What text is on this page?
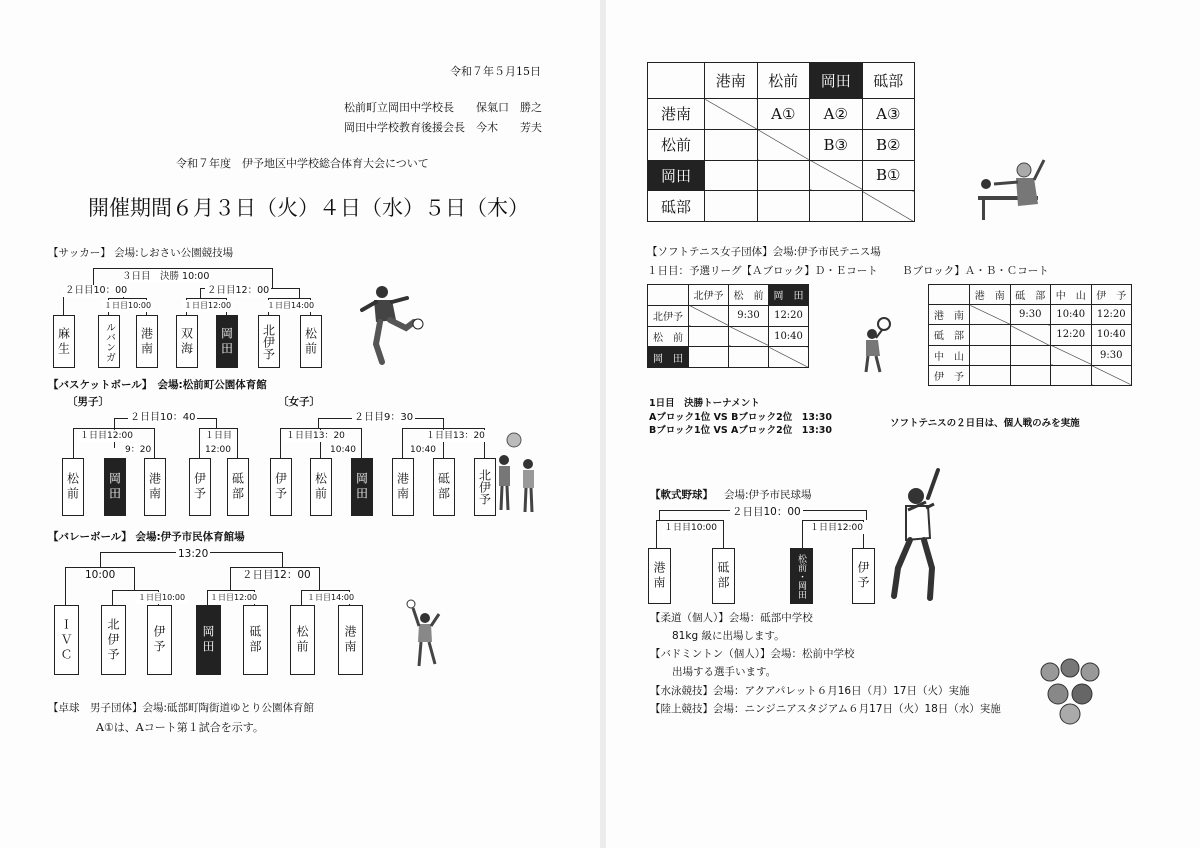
令和７年５月15日
松前町立岡田中学校長　　保氣口　勝之
岡田中学校教育後援会長　今木　　芳夫
令和７年度　伊予地区中学校総合体育大会について
開催期間６月３日（火）４日（水）５日（木）
【サッカー】 会場:しおさい公園競技場
３日目　決勝 10:00
２日目10：00	２日目12：00
１日目10:00	１日目12:00	１日目14:00
麻生	ルバンガ 港南 双海 岡田 北伊予 松前
【バスケットボール】　会場:松前町公園体育館
〔男子〕	〔女子〕
２日目10：40
１日目12:00
9：20
１日目
12:00
松前 岡田 港南	伊予 砥部
２日目9：30
１日目13：20
10:40
１日目13：20
10:40
伊予 松前 岡田 港南 砥部 北伊予
【バレーボール】 会場:伊予市民体育館場
13:20
10:00	２日目12：00
１日目10:00	１日目12:00	１日目14:00
ＩＶＣ	北伊予	伊予	岡田	砥部	松前	港南
【卓球　男子団体】会場:砥部町陶街道ゆとり公園体育館
A①は、Aコート第１試合を示す。
	港南	松前	岡田	砥部
港南		A①	A②	A③
松前			B③	B②
岡田				B①
砥部				
【ソフトテニス女子団体】会場:伊予市民テニス場
１日目：予選リーグ【Ａブロック】Ｄ・Ｅコート Ｂブロック】Ａ・Ｂ・Ｃコート
	北伊予	松　前	岡　田
北伊予		9:30	12:20
松　前			10:40
岡　田			
	港　南	砥　部	中　山	伊　予
港　南		9:30	10:40	12:20
砥　部			12:20	10:40
中　山				9:30
伊　予				
1日目　決勝トーナメント
Aブロック1位 VS Bブロック2位　13:30
Bブロック1位 VS Aブロック2位　13:30
ソフトテニスの２日目は、個人戦のみを実施
【軟式野球】 会場:伊予市民球場
２日目10：00
１日目10:00	１日目12:00
港南	砥部	松前・岡田	伊予
【柔道（個人）】会場：砥部中学校
81kg 級に出場します。
【バドミントン（個人）】会場：松前中学校
出場する選手います。
【水泳競技】会場：アクアパレット６月16日（月）17日（火）実施
【陸上競技】会場：ニンジニアスタジアム６月17日（火）18日（水）実施
